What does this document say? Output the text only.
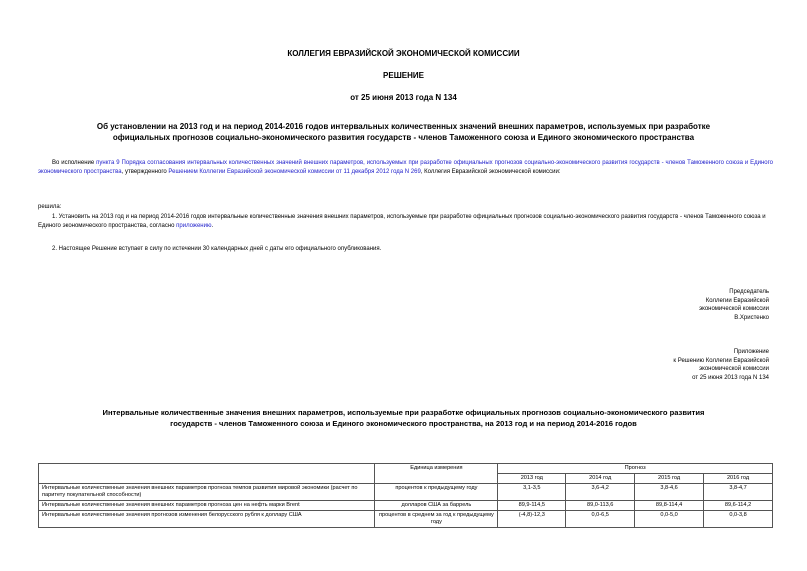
КОЛЛЕГИЯ ЕВРАЗИЙСКОЙ ЭКОНОМИЧЕСКОЙ КОМИССИИ
РЕШЕНИЕ
от 25 июня 2013 года N 134
Об установлении на 2013 год и на период 2014-2016 годов интервальных количественных значений внешних параметров, используемых при разработке
официальных прогнозов социально-экономического развития государств - членов Таможенного союза и Единого экономического пространства
Во исполнение пункта 9 Порядка согласования интервальных количественных значений внешних параметров, используемых при разработке официальных прогнозов социально-экономического развития государств - членов Таможенного союза и Единого экономического пространства, утвержденного Решением Коллегии Евразийской экономической комиссии от 11 декабря 2012 года N 269, Коллегия Евразийской экономической комиссии:
решила:
1. Установить на 2013 год и на период 2014-2016 годов интервальные количественные значения внешних параметров, используемые при разработке официальных прогнозов социально-экономического развития государств - членов Таможенного союза и Единого экономического пространства, согласно приложению.
2. Настоящее Решение вступает в силу по истечении 30 календарных дней с даты его официального опубликования.
Председатель
Коллегии Евразийской
экономической комиссии
В.Христенко
Приложение
к Решению Коллегии Евразийской
экономической комиссии
от 25 июня 2013 года N 134
Интервальные количественные значения внешних параметров, используемые при разработке официальных прогнозов социально-экономического развития
государств - членов Таможенного союза и Единого экономического пространства, на 2013 год и на период 2014-2016 годов
	Единица измерения	Прогноз			
		2013 год	2014 год	2015 год	2016 год
Интервальные количественные значения внешних параметров прогноза темпов развития мировой экономики (расчет по паритету покупательной способности)	процентов к предыдущему году	3,1-3,5	3,6-4,2	3,8-4,6	3,8-4,7
Интервальные количественные значения внешних параметров прогноза цен на нефть марки Brent	долларов США за баррель	89,9-114,5	89,0-113,6	89,8-114,4	89,6-114,2
Интервальные количественные значения прогнозов изменения белорусского рубля к доллару США	процентов в среднем за год к предыдущему году	(-4,8)-12,3	0,0-6,5	0,0-5,0	0,0-3,8
